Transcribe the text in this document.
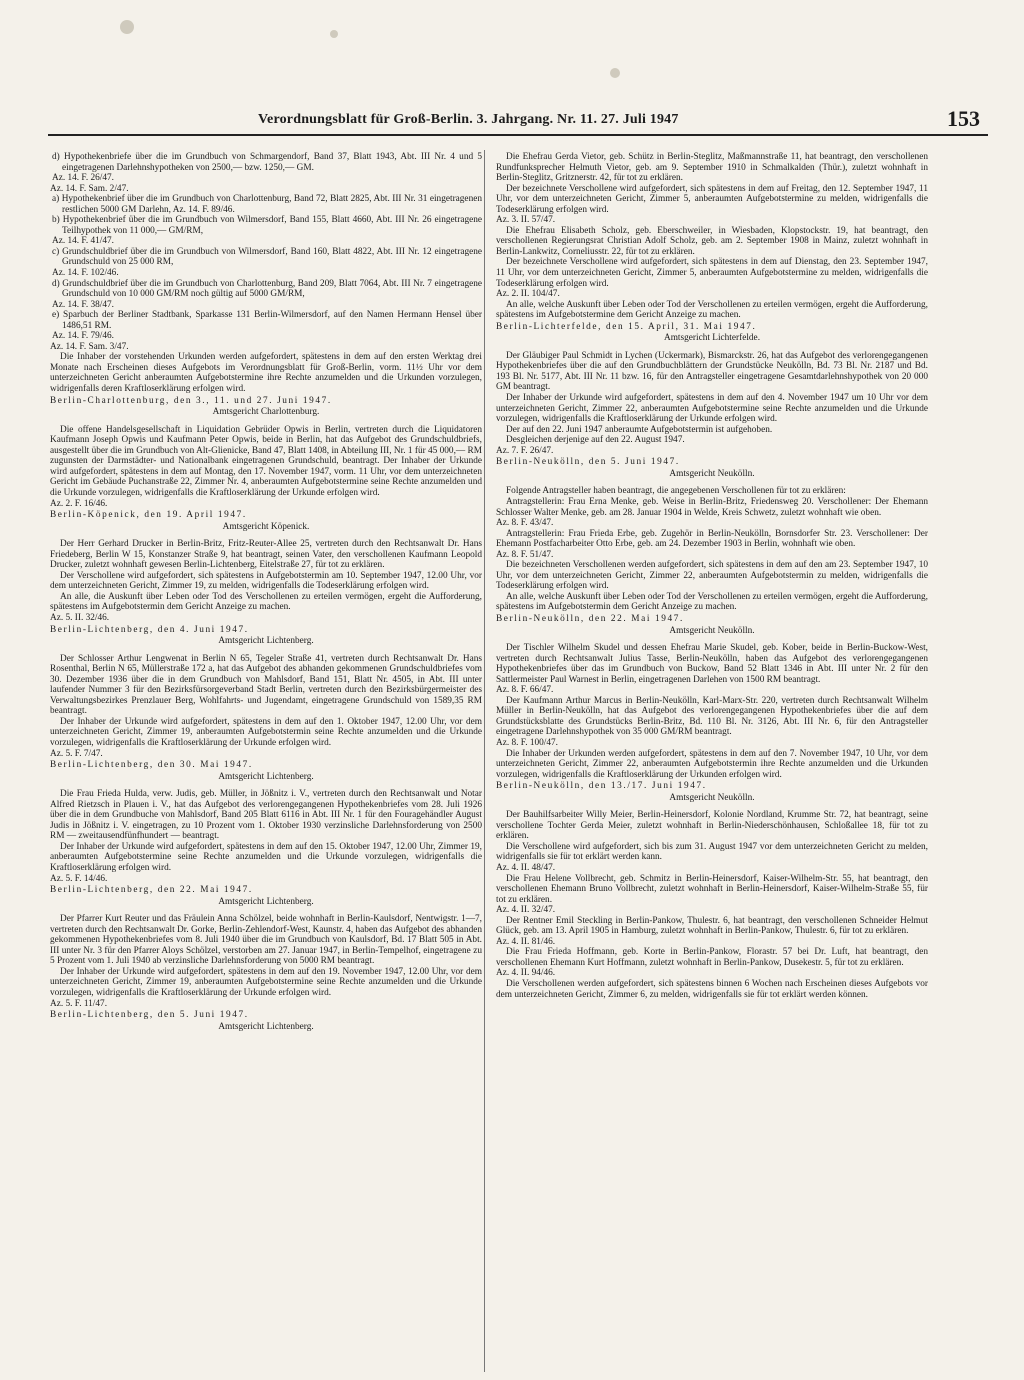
Verordnungsblatt für Groß-Berlin. 3. Jahrgang. Nr. 11. 27. Juli 1947	153

d) Hypothekenbriefe über die im Grundbuch von Schmargendorf, Band 37, Blatt 1943, Abt. III Nr. 4 und 5 eingetragenen Darlehnshypotheken von 2500,— bzw. 1250,— GM.

Az. 14. F. 26/47.

Az. 14. F. Sam. 2/47.

a) Hypothekenbrief über die im Grundbuch von Charlottenburg, Band 72, Blatt 2825, Abt. III Nr. 31 eingetragenen restlichen 5000 GM Darlehn, Az. 14. F. 89/46.

b) Hypothekenbrief über die im Grundbuch von Wilmersdorf, Band 155, Blatt 4660, Abt. III Nr. 26 eingetragene Teilhypothek von 11 000,— GM/RM,

Az. 14. F. 41/47.

c) Grundschuldbrief über die im Grundbuch von Wilmersdorf, Band 160, Blatt 4822, Abt. III Nr. 12 eingetragene Grundschuld von 25 000 RM,

Az. 14. F. 102/46.

d) Grundschuldbrief über die im Grundbuch von Charlottenburg, Band 209, Blatt 7064, Abt. III Nr. 7 eingetragene Grundschuld von 10 000 GM/RM noch gültig auf 5000 GM/RM,

Az. 14. F. 38/47.

e) Sparbuch der Berliner Stadtbank, Sparkasse 131 Berlin-Wilmersdorf, auf den Namen Hermann Hensel über 1486,51 RM.

Az. 14. F. 79/46.

Az. 14. F. Sam. 3/47.

Die Inhaber der vorstehenden Urkunden werden aufgefordert, spätestens in dem auf den ersten Werktag drei Monate nach Erscheinen dieses Aufgebots im Verordnungsblatt für Groß-Berlin, vorm. 11½ Uhr vor dem unterzeichneten Gericht anberaumten Aufgebotstermine ihre Rechte anzumelden und die Urkunden vorzulegen, widrigenfalls deren Kraftloserklärung erfolgen wird.

Berlin-Charlottenburg, den 3., 11. und 27. Juni 1947.

Amtsgericht Charlottenburg.

Die offene Handelsgesellschaft in Liquidation Gebrüder Opwis in Berlin, vertreten durch die Liquidatoren Kaufmann Joseph Opwis und Kaufmann Peter Opwis, beide in Berlin, hat das Aufgebot des Grundschuldbriefs, ausgestellt über die im Grundbuch von Alt-Glienicke, Band 47, Blatt 1408, in Abteilung III, Nr. 1 für 45 000,— RM zugunsten der Darmstädter- und Nationalbank eingetragenen Grundschuld, beantragt. Der Inhaber der Urkunde wird aufgefordert, spätestens in dem auf Montag, den 17. November 1947, vorm. 11 Uhr, vor dem unterzeichneten Gericht im Gebäude Puchanstraße 22, Zimmer Nr. 4, anberaumten Aufgebotstermine seine Rechte anzumelden und die Urkunde vorzulegen, widrigenfalls die Kraftloserklärung der Urkunde erfolgen wird.

Az. 2. F. 16/46.

Berlin-Köpenick, den 19. April 1947.

Amtsgericht Köpenick.

Der Herr Gerhard Drucker in Berlin-Britz, Fritz-Reuter-Allee 25, vertreten durch den Rechtsanwalt Dr. Hans Friedeberg, Berlin W 15, Konstanzer Straße 9, hat beantragt, seinen Vater, den verschollenen Kaufmann Leopold Drucker, zuletzt wohnhaft gewesen Berlin-Lichtenberg, Eitelstraße 27, für tot zu erklären.

Der Verschollene wird aufgefordert, sich spätestens in Aufgebotstermin am 10. September 1947, 12.00 Uhr, vor dem unterzeichneten Gericht, Zimmer 19, zu melden, widrigenfalls die Todeserklärung erfolgen wird.

An alle, die Auskunft über Leben oder Tod des Verschollenen zu erteilen vermögen, ergeht die Aufforderung, spätestens im Aufgebotstermin dem Gericht Anzeige zu machen.

Az. 5. II. 32/46.

Berlin-Lichtenberg, den 4. Juni 1947.

Amtsgericht Lichtenberg.

Der Schlosser Arthur Lengwenat in Berlin N 65, Tegeler Straße 41, vertreten durch Rechtsanwalt Dr. Hans Rosenthal, Berlin N 65, Müllerstraße 172 a, hat das Aufgebot des abhanden gekommenen Grundschuldbriefes vom 30. Dezember 1936 über die in dem Grundbuch von Mahlsdorf, Band 151, Blatt Nr. 4505, in Abt. III unter laufender Nummer 3 für den Bezirksfürsorgeverband Stadt Berlin, vertreten durch den Bezirksbürgermeister des Verwaltungsbezirkes Prenzlauer Berg, Wohlfahrts- und Jugendamt, eingetragene Grundschuld von 1589,35 RM beantragt.

Der Inhaber der Urkunde wird aufgefordert, spätestens in dem auf den 1. Oktober 1947, 12.00 Uhr, vor dem unterzeichneten Gericht, Zimmer 19, anberaumten Aufgebotstermin seine Rechte anzumelden und die Urkunde vorzulegen, widrigenfalls die Kraftloserklärung der Urkunde erfolgen wird.

Az. 5. F. 7/47.

Berlin-Lichtenberg, den 30. Mai 1947.

Amtsgericht Lichtenberg.

Die Frau Frieda Hulda, verw. Judis, geb. Müller, in Jößnitz i. V., vertreten durch den Rechtsanwalt und Notar Alfred Rietzsch in Plauen i. V., hat das Aufgebot des verlorengegangenen Hypothekenbriefes vom 28. Juli 1926 über die in dem Grundbuche von Mahlsdorf, Band 205 Blatt 6116 in Abt. III Nr. 1 für den Fouragehändler August Judis in Jößnitz i. V. eingetragen, zu 10 Prozent vom 1. Oktober 1930 verzinsliche Darlehnsforderung von 2500 RM — zweitausendfünfhundert — beantragt.

Der Inhaber der Urkunde wird aufgefordert, spätestens in dem auf den 15. Oktober 1947, 12.00 Uhr, Zimmer 19, anberaumten Aufgebotstermine seine Rechte anzumelden und die Urkunde vorzulegen, widrigenfalls die Kraftloserklärung erfolgen wird.

Az. 5. F. 14/46.

Berlin-Lichtenberg, den 22. Mai 1947.

Amtsgericht Lichtenberg.

Der Pfarrer Kurt Reuter und das Fräulein Anna Schölzel, beide wohnhaft in Berlin-Kaulsdorf, Nentwigstr. 1—7, vertreten durch den Rechtsanwalt Dr. Gorke, Berlin-Zehlendorf-West, Kaunstr. 4, haben das Aufgebot des abhanden gekommenen Hypothekenbriefes vom 8. Juli 1940 über die im Grundbuch von Kaulsdorf, Bd. 17 Blatt 505 in Abt. III unter Nr. 3 für den Pfarrer Aloys Schölzel, verstorben am 27. Januar 1947, in Berlin-Tempelhof, eingetragene zu 5 Prozent vom 1. Juli 1940 ab verzinsliche Darlehnsforderung von 5000 RM beantragt.

Der Inhaber der Urkunde wird aufgefordert, spätestens in dem auf den 19. November 1947, 12.00 Uhr, vor dem unterzeichneten Gericht, Zimmer 19, anberaumten Aufgebotstermine seine Rechte anzumelden und die Urkunde vorzulegen, widrigenfalls die Kraftloserklärung der Urkunde erfolgen wird.

Az. 5. F. 11/47.

Berlin-Lichtenberg, den 5. Juni 1947.

Amtsgericht Lichtenberg.

Die Ehefrau Gerda Vietor, geb. Schütz in Berlin-Steglitz, Maßmannstraße 11, hat beantragt, den verschollenen Rundfunksprecher Helmuth Vietor, geb. am 9. September 1910 in Schmalkalden (Thür.), zuletzt wohnhaft in Berlin-Steglitz, Gritznerstr. 42, für tot zu erklären.

Der bezeichnete Verschollene wird aufgefordert, sich spätestens in dem auf Freitag, den 12. September 1947, 11 Uhr, vor dem unterzeichneten Gericht, Zimmer 5, anberaumten Aufgebotstermine zu melden, widrigenfalls die Todeserklärung erfolgen wird.

Az. 3. II. 57/47.

Die Ehefrau Elisabeth Scholz, geb. Eberschweiler, in Wiesbaden, Klopstockstr. 19, hat beantragt, den verschollenen Regierungsrat Christian Adolf Scholz, geb. am 2. September 1908 in Mainz, zuletzt wohnhaft in Berlin-Lankwitz, Corneliusstr. 22, für tot zu erklären.

Der bezeichnete Verschollene wird aufgefordert, sich spätestens in dem auf Dienstag, den 23. September 1947, 11 Uhr, vor dem unterzeichneten Gericht, Zimmer 5, anberaumten Aufgebotstermine zu melden, widrigenfalls die Todeserklärung erfolgen wird.

Az. 2. II. 104/47.

An alle, welche Auskunft über Leben oder Tod der Verschollenen zu erteilen vermögen, ergeht die Aufforderung, spätestens im Aufgebotstermine dem Gericht Anzeige zu machen.

Berlin-Lichterfelde, den 15. April, 31. Mai 1947.

Amtsgericht Lichterfelde.

Der Gläubiger Paul Schmidt in Lychen (Uckermark), Bismarckstr. 26, hat das Aufgebot des verlorengegangenen Hypothekenbriefes über die auf den Grundbuchblättern der Grundstücke Neukölln, Bd. 73 Bl. Nr. 2187 und Bd. 193 Bl. Nr. 5177, Abt. III Nr. 11 bzw. 16, für den Antragsteller eingetragene Gesamtdarlehnshypothek von 20 000 GM beantragt.

Der Inhaber der Urkunde wird aufgefordert, spätestens in dem auf den 4. November 1947 um 10 Uhr vor dem unterzeichneten Gericht, Zimmer 22, anberaumten Aufgebotstermine seine Rechte anzumelden und die Urkunde vorzulegen, widrigenfalls die Kraftloserklärung der Urkunde erfolgen wird.

Der auf den 22. Juni 1947 anberaumte Aufgebotstermin ist aufgehoben.

Desgleichen derjenige auf den 22. August 1947.

Az. 7. F. 26/47.

Berlin-Neukölln, den 5. Juni 1947.

Amtsgericht Neukölln.

Folgende Antragsteller haben beantragt, die angegebenen Verschollenen für tot zu erklären:

Antragstellerin: Frau Erna Menke, geb. Weise in Berlin-Britz, Friedensweg 20. Verschollener: Der Ehemann Schlosser Walter Menke, geb. am 28. Januar 1904 in Welde, Kreis Schwetz, zuletzt wohnhaft wie oben.

Az. 8. F. 43/47.

Antragstellerin: Frau Frieda Erbe, geb. Zugehör in Berlin-Neukölln, Bornsdorfer Str. 23. Verschollener: Der Ehemann Postfacharbeiter Otto Erbe, geb. am 24. Dezember 1903 in Berlin, wohnhaft wie oben.

Az. 8. F. 51/47.

Die bezeichneten Verschollenen werden aufgefordert, sich spätestens in dem auf den am 23. September 1947, 10 Uhr, vor dem unterzeichneten Gericht, Zimmer 22, anberaumten Aufgebotstermin zu melden, widrigenfalls die Todeserklärung erfolgen wird.

An alle, welche Auskunft über Leben oder Tod der Verschollenen zu erteilen vermögen, ergeht die Aufforderung, spätestens im Aufgebotstermin dem Gericht Anzeige zu machen.

Berlin-Neukölln, den 22. Mai 1947.

Amtsgericht Neukölln.

Der Tischler Wilhelm Skudel und dessen Ehefrau Marie Skudel, geb. Kober, beide in Berlin-Buckow-West, vertreten durch Rechtsanwalt Julius Tasse, Berlin-Neukölln, haben das Aufgebot des verlorengegangenen Hypothekenbriefes über das im Grundbuch von Buckow, Band 52 Blatt 1346 in Abt. III unter Nr. 2 für den Sattlermeister Paul Warnest in Berlin, eingetragenen Darlehen von 1500 RM beantragt.

Az. 8. F. 66/47.

Der Kaufmann Arthur Marcus in Berlin-Neukölln, Karl-Marx-Str. 220, vertreten durch Rechtsanwalt Wilhelm Müller in Berlin-Neukölln, hat das Aufgebot des verlorengegangenen Hypothekenbriefes über die auf dem Grundstücksblatte des Grundstücks Berlin-Britz, Bd. 110 Bl. Nr. 3126, Abt. III Nr. 6, für den Antragsteller eingetragene Darlehnshypothek von 35 000 GM/RM beantragt.

Az. 8. F. 100/47.

Die Inhaber der Urkunden werden aufgefordert, spätestens in dem auf den 7. November 1947, 10 Uhr, vor dem unterzeichneten Gericht, Zimmer 22, anberaumten Aufgebotstermin ihre Rechte anzumelden und die Urkunden vorzulegen, widrigenfalls die Kraftloserklärung der Urkunden erfolgen wird.

Berlin-Neukölln, den 13./17. Juni 1947.

Amtsgericht Neukölln.

Der Bauhilfsarbeiter Willy Meier, Berlin-Heinersdorf, Kolonie Nordland, Krumme Str. 72, hat beantragt, seine verschollene Tochter Gerda Meier, zuletzt wohnhaft in Berlin-Niederschönhausen, Schloßallee 18, für tot zu erklären.

Die Verschollene wird aufgefordert, sich bis zum 31. August 1947 vor dem unterzeichneten Gericht zu melden, widrigenfalls sie für tot erklärt werden kann.

Az. 4. II. 48/47.

Die Frau Helene Vollbrecht, geb. Schmitz in Berlin-Heinersdorf, Kaiser-Wilhelm-Str. 55, hat beantragt, den verschollenen Ehemann Bruno Vollbrecht, zuletzt wohnhaft in Berlin-Heinersdorf, Kaiser-Wilhelm-Straße 55, für tot zu erklären.

Az. 4. II. 32/47.

Der Rentner Emil Steckling in Berlin-Pankow, Thulestr. 6, hat beantragt, den verschollenen Schneider Helmut Glück, geb. am 13. April 1905 in Hamburg, zuletzt wohnhaft in Berlin-Pankow, Thulestr. 6, für tot zu erklären.

Az. 4. II. 81/46.

Die Frau Frieda Hoffmann, geb. Korte in Berlin-Pankow, Florastr. 57 bei Dr. Luft, hat beantragt, den verschollenen Ehemann Kurt Hoffmann, zuletzt wohnhaft in Berlin-Pankow, Dusekestr. 5, für tot zu erklären.

Az. 4. II. 94/46.

Die Verschollenen werden aufgefordert, sich spätestens binnen 6 Wochen nach Erscheinen dieses Aufgebots vor dem unterzeichneten Gericht, Zimmer 6, zu melden, widrigenfalls sie für tot erklärt werden können.
